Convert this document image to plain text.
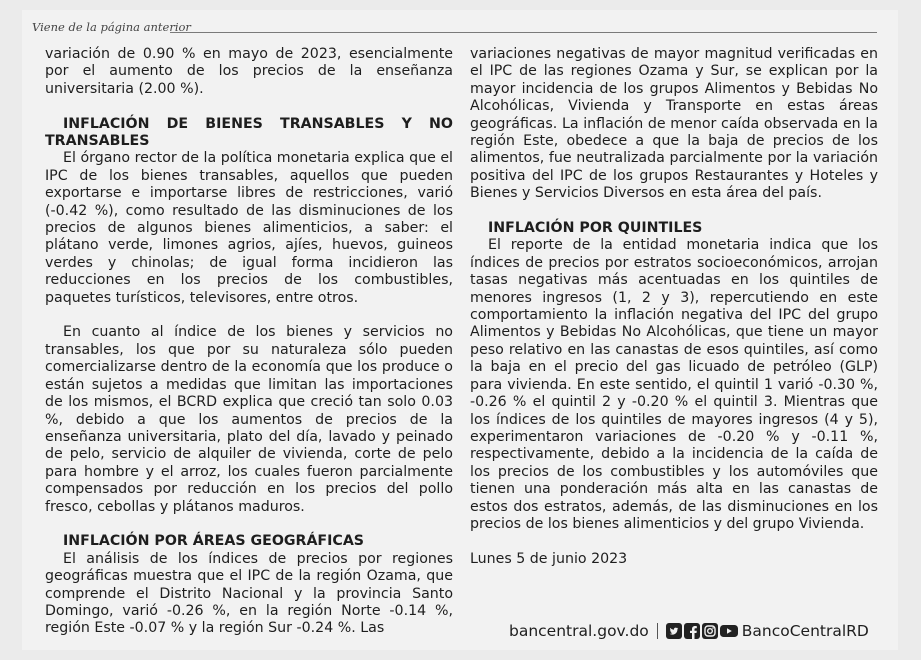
Viene de la página anterior

variación de 0.90 % en mayo de 2023, esencialmente por el aumento de los precios de la enseñanza universitaria (2.00 %).

INFLACIÓN DE BIENES TRANSABLES Y NO TRANSABLES

El órgano rector de la política monetaria explica que el IPC de los bienes transables, aquellos que pueden exportarse e importarse libres de restricciones, varió (-0.42 %), como resultado de las disminuciones de los precios de algunos bienes alimenticios, a saber: el plátano verde, limones agrios, ajíes, huevos, guineos verdes y chinolas; de igual forma incidieron las reducciones en los precios de los combustibles, paquetes turísticos, televisores, entre otros.

En cuanto al índice de los bienes y servicios no transables, los que por su naturaleza sólo pueden comercializarse dentro de la economía que los produce o están sujetos a medidas que limitan las importaciones de los mismos, el BCRD explica que creció tan solo 0.03 %, debido a que los aumentos de precios de la enseñanza universitaria, plato del día, lavado y peinado de pelo, servicio de alquiler de vivienda, corte de pelo para hombre y el arroz, los cuales fueron parcialmente compensados por reducción en los precios del pollo fresco, cebollas y plátanos maduros.

INFLACIÓN POR ÁREAS GEOGRÁFICAS

El análisis de los índices de precios por regiones geográficas muestra que el IPC de la región Ozama, que comprende el Distrito Nacional y la provincia Santo Domingo, varió -0.26 %, en la región Norte -0.14 %, región Este -0.07 % y la región Sur -0.24 %. Las

variaciones negativas de mayor magnitud verificadas en el IPC de las regiones Ozama y Sur, se explican por la mayor incidencia de los grupos Alimentos y Bebidas No Alcohólicas, Vivienda y Transporte en estas áreas geográficas. La inflación de menor caída observada en la región Este, obedece a que la baja de precios de los alimentos, fue neutralizada parcialmente por la variación positiva del IPC de los grupos Restaurantes y Hoteles y Bienes y Servicios Diversos en esta área del país.

INFLACIÓN POR QUINTILES

El reporte de la entidad monetaria indica que los índices de precios por estratos socioeconómicos, arrojan tasas negativas más acentuadas en los quintiles de menores ingresos (1, 2 y 3), repercutiendo en este comportamiento la inflación negativa del IPC del grupo Alimentos y Bebidas No Alcohólicas, que tiene un mayor peso relativo en las canastas de esos quintiles, así como la baja en el precio del gas licuado de petróleo (GLP) para vivienda. En este sentido, el quintil 1 varió -0.30 %, -0.26 % el quintil 2 y -0.20 % el quintil 3. Mientras que los índices de los quintiles de mayores ingresos (4 y 5), experimentaron variaciones de -0.20 % y -0.11 %, respectivamente, debido a la incidencia de la caída de los precios de los combustibles y los automóviles que tienen una ponderación más alta en las canastas de estos dos estratos, además, de las disminuciones en los precios de los bienes alimenticios y del grupo Vivienda.

Lunes 5 de junio 2023

bancentral.gov.do	BancoCentralRD
